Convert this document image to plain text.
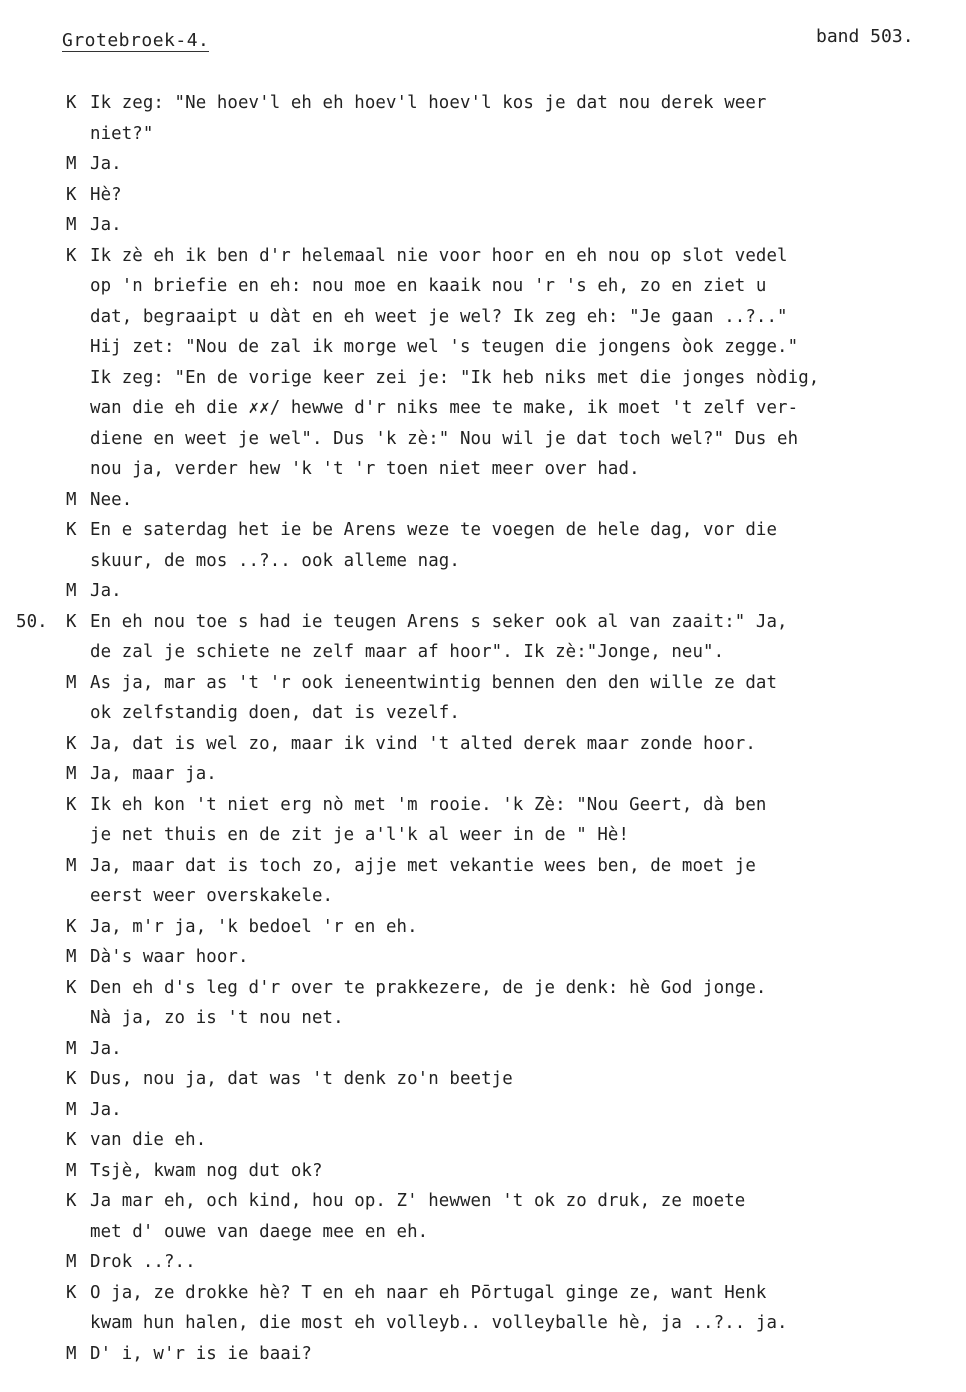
Grotebroek-4.	band 503.
K Ik zeg: "Ne hoev'l eh eh hoev'l hoev'l kos je dat nou derek weer
niet?"
M Ja.
K Hè?
M Ja.
K Ik zè eh ik ben d'r helemaal nie voor hoor en eh nou op slot vedel
op 'n briefie en eh: nou moe en kaaik nou 'r 's eh, zo en ziet u
dat, begraaipt u dàt en eh weet je wel? Ik zeg eh: "Je gaan ..?.."
Hij zet: "Nou de zal ik morge wel 's teugen die jongens òok zegge."
Ik zeg: "En de vorige keer zei je: "Ik heb niks met die jonges nòdig,
wan die eh die ✗✗/ hewwe d'r niks mee te make, ik moet 't zelf ver-
diene en weet je wel". Dus 'k zè:" Nou wil je dat toch wel?" Dus eh
nou ja, verder hew 'k 't 'r toen niet meer over had.
M Nee.
K En e saterdag het ie be Arens weze te voegen de hele dag, vor die
skuur, de mos ..?.. ook alleme nag.
M Ja.
50.	K En eh nou toe s had ie teugen Arens s seker ook al van zaait:" Ja,
de zal je schiete ne zelf maar af hoor". Ik zè:"Jonge, neu".
M As ja, mar as 't 'r ook ieneentwintig bennen den den wille ze dat
ok zelfstandig doen, dat is vezelf.
K Ja, dat is wel zo, maar ik vind 't alted derek maar zonde hoor.
M Ja, maar ja.
K Ik eh kon 't niet erg nò met 'm rooie. 'k Zè: "Nou Geert, dà ben
je net thuis en de zit je a'l'k al weer in de " Hè!
M Ja, maar dat is toch zo, ajje met vekantie wees ben, de moet je
eerst weer overskakele.
K Ja, m'r ja, 'k bedoel 'r en eh.
M Dà's waar hoor.
K Den eh d's leg d'r over te prakkezere, de je denk: hè God jonge.
Nà ja, zo is 't nou net.
M Ja.
K Dus, nou ja, dat was 't denk zo'n beetje
M Ja.
K van die eh.
M Tsjè, kwam nog dut ok?
K Ja mar eh, och kind, hou op. Z' hewwen 't ok zo druk, ze moete
met d' ouwe van daege mee en eh.
M Drok ..?..
K O ja, ze drokke hè? T en eh naar eh Pōrtugal ginge ze, want Henk
kwam hun halen, die most eh volleyb.. volleyballe hè, ja ..?.. ja.
M D' i, w'r is ie baai?
